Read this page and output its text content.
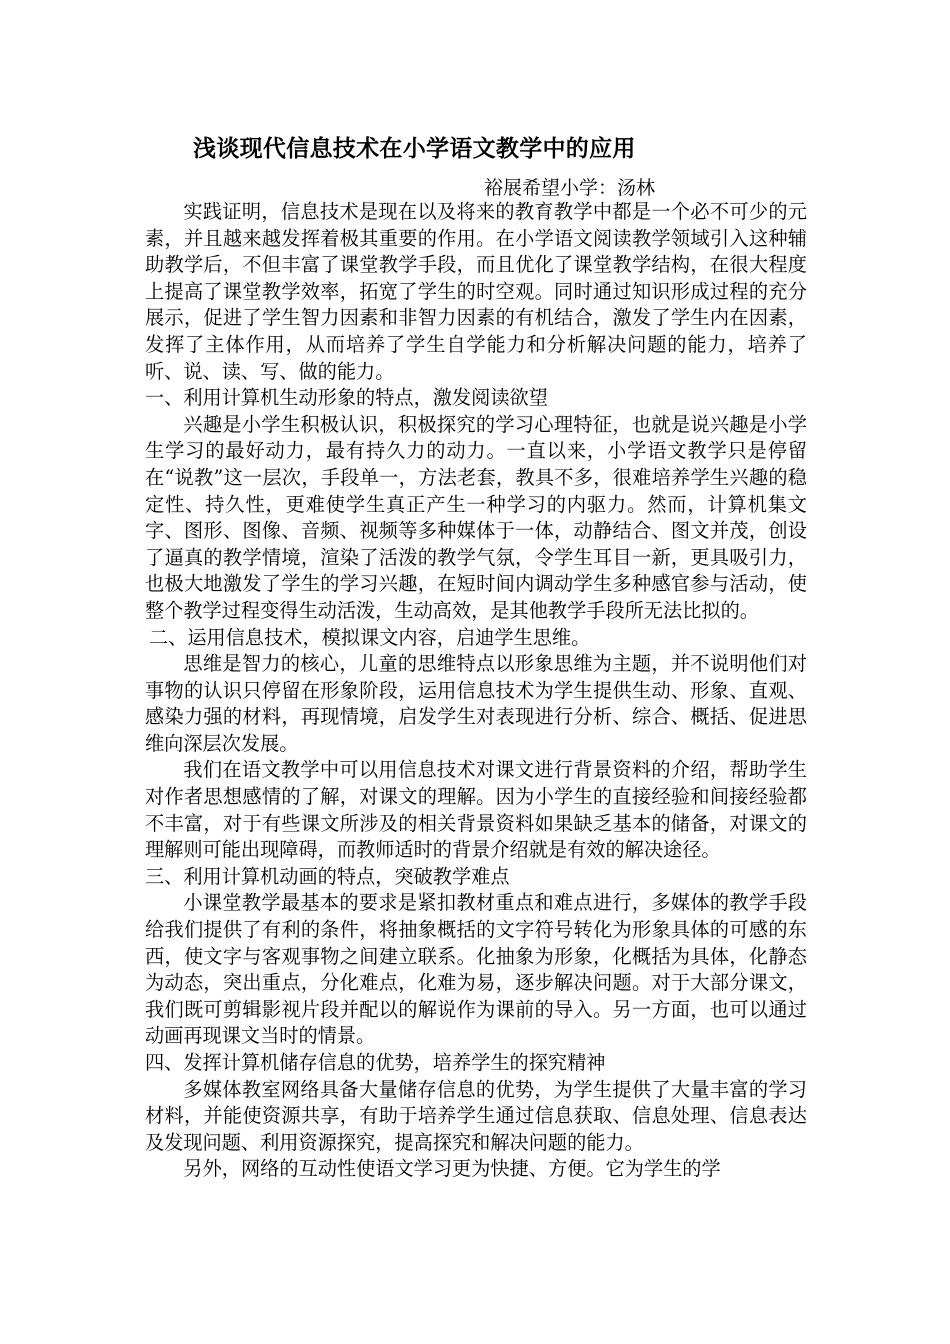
浅谈现代信息技术在小学语文教学中的应用
裕展希望小学：汤林

实践证明，信息技术是现在以及将来的教育教学中都是一个必不可少的元素，并且越来越发挥着极其重要的作用。在小学语文阅读教学领域引入这种辅助教学后，不但丰富了课堂教学手段，而且优化了课堂教学结构，在很大程度上提高了课堂教学效率，拓宽了学生的时空观。同时通过知识形成过程的充分展示，促进了学生智力因素和非智力因素的有机结合，激发了学生内在因素，发挥了主体作用，从而培养了学生自学能力和分析解决问题的能力，培养了听、说、读、写、做的能力。

一、利用计算机生动形象的特点，激发阅读欲望

兴趣是小学生积极认识，积极探究的学习心理特征，也就是说兴趣是小学生学习的最好动力，最有持久力的动力。一直以来，小学语文教学只是停留在“说教”这一层次，手段单一，方法老套，教具不多，很难培养学生兴趣的稳定性、持久性，更难使学生真正产生一种学习的内驱力。然而，计算机集文字、图形、图像、音频、视频等多种媒体于一体，动静结合、图文并茂，创设了逼真的教学情境，渲染了活泼的教学气氛，令学生耳目一新，更具吸引力，也极大地激发了学生的学习兴趣，在短时间内调动学生多种感官参与活动，使整个教学过程变得生动活泼，生动高效，是其他教学手段所无法比拟的。

二、运用信息技术，模拟课文内容，启迪学生思维。

思维是智力的核心，儿童的思维特点以形象思维为主题，并不说明他们对事物的认识只停留在形象阶段，运用信息技术为学生提供生动、形象、直观、感染力强的材料，再现情境，启发学生对表现进行分析、综合、概括、促进思维向深层次发展。

我们在语文教学中可以用信息技术对课文进行背景资料的介绍，帮助学生对作者思想感情的了解，对课文的理解。因为小学生的直接经验和间接经验都不丰富，对于有些课文所涉及的相关背景资料如果缺乏基本的储备，对课文的理解则可能出现障碍，而教师适时的背景介绍就是有效的解决途径。

三、利用计算机动画的特点，突破教学难点

小课堂教学最基本的要求是紧扣教材重点和难点进行，多媒体的教学手段给我们提供了有利的条件，将抽象概括的文字符号转化为形象具体的可感的东西，使文字与客观事物之间建立联系。化抽象为形象，化概括为具体，化静态为动态，突出重点，分化难点，化难为易，逐步解决问题。对于大部分课文，我们既可剪辑影视片段并配以的解说作为课前的导入。另一方面，也可以通过动画再现课文当时的情景。

四、发挥计算机储存信息的优势，培养学生的探究精神

多媒体教室网络具备大量储存信息的优势，为学生提供了大量丰富的学习材料，并能使资源共享，有助于培养学生通过信息获取、信息处理、信息表达及发现问题、利用资源探究，提高探究和解决问题的能力。

另外，网络的互动性使语文学习更为快捷、方便。它为学生的学
